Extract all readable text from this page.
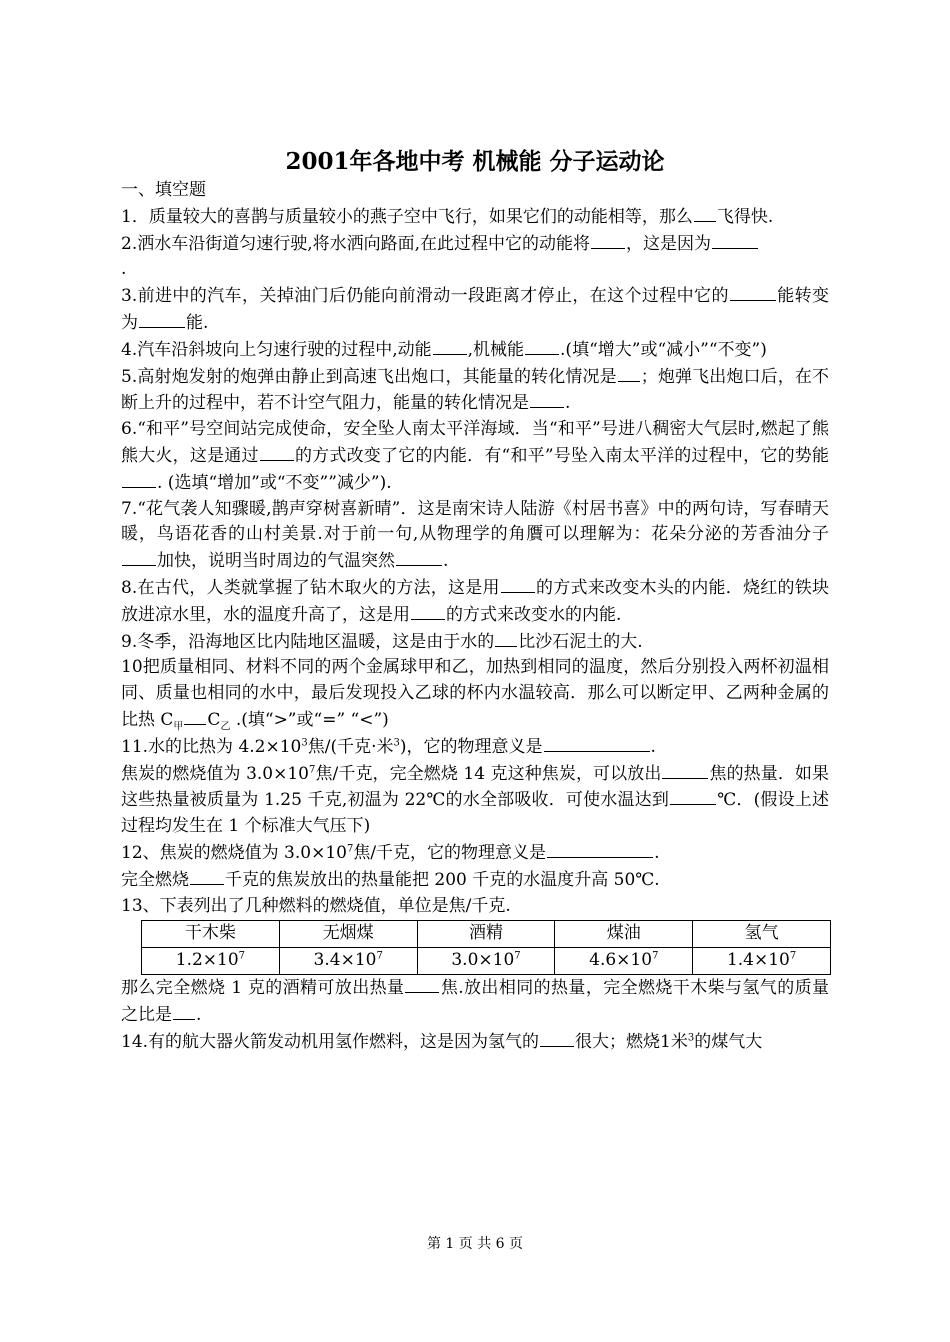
2001年各地中考 机械能 分子运动论

一、填空题

1．质量较大的喜鹊与质量较小的燕子空中飞行，如果它们的动能相等，那么 飞得快.

2.洒水车沿街道匀速行驶,将水洒向路面,在此过程中它的动能将 ，这是因为
.

3.前进中的汽车，关掉油门后仍能向前滑动一段距离才停止，在这个过程中它的	能转变为	能.

4.汽车沿斜坡向上匀速行驶的过程中,动能 ,机械能 .(填“增大”或“减小”“不变”)

5.高射炮发射的炮弹由静止到高速飞出炮口，其能量的转化情况是 ；炮弹飞出炮口后，在不断上升的过程中，若不计空气阻力，能量的转化情况是 .

6.“和平”号空间站完成使命，安全坠人南太平洋海域．当“和平”号进八稠密大气层时,燃起了熊熊大火，这是通过 的方式改变了它的内能．有“和平”号坠入南太平洋的过程中，它的势能. (选填“增加”或“不变””减少”).

7.“花气袭人知骤暖,鹊声穿树喜新晴”．这是南宋诗人陆游《村居书喜》中的两句诗，写春晴天暖，鸟语花香的山村美景.对于前一句,从物理学的角贋可以理解为：花朵分泌的芳香油分子加快，说明当时周边的气温突然	.

8.在古代，人类就掌握了钻木取火的方法，这是用 的方式来改变木头的内能．烧红的铁块放进凉水里，水的温度升高了，这是用 的方式来改变水的内能.

9.冬季，沿海地区比内陆地区温暖，这是由于水的 比沙石泥土的大.

10把质量相同、材料不同的两个金属球甲和乙，加热到相同的温度，然后分别投入两杯初温相同、质量也相同的水中，最后发现投入乙球的杯内水温较高．那么可以断定甲、乙两种金属的比热 $C_甲$ $C_乙$ .(填“>”或“=” “<”)

11.水的比热为 $4.2\times 10^3$焦/(千克·米$^3$)，它的物理意义是	.

焦炭的燃烧值为 $3.0\times 10^7$焦/千克，完全燃烧 14 克这种焦炭，可以放出	焦的热量．如果这些热量被质量为 1.25 千克,初温为 22℃的水全部吸收．可使水温达到	℃．(假设上述过程均发生在 1 个标准大气压下)

12、焦炭的燃烧值为 $3.0\times 10^7$焦/千克，它的物理意义是	.

完全燃烧 千克的焦炭放出的热量能把 200 千克的水温度升高 50℃.

13、下表列出了几种燃料的燃烧值，单位是焦/千克.

干木柴	无烟煤	酒精	煤油	氢气
$1.2\times 10^7$	$3.4\times 10^7$	$3.0\times 10^7$	$4.6\times 10^7$	$1.4\times 10^7$

那么完全燃烧 1 克的酒精可放出热量 焦.放出相同的热量，完全燃烧干木柴与氢气的质量之比是 .

14.有的航大器火箭发动机用氢作燃料，这是因为氢气的 很大；燃烧1米$^3$的煤气大

第 1 页 共 6 页
